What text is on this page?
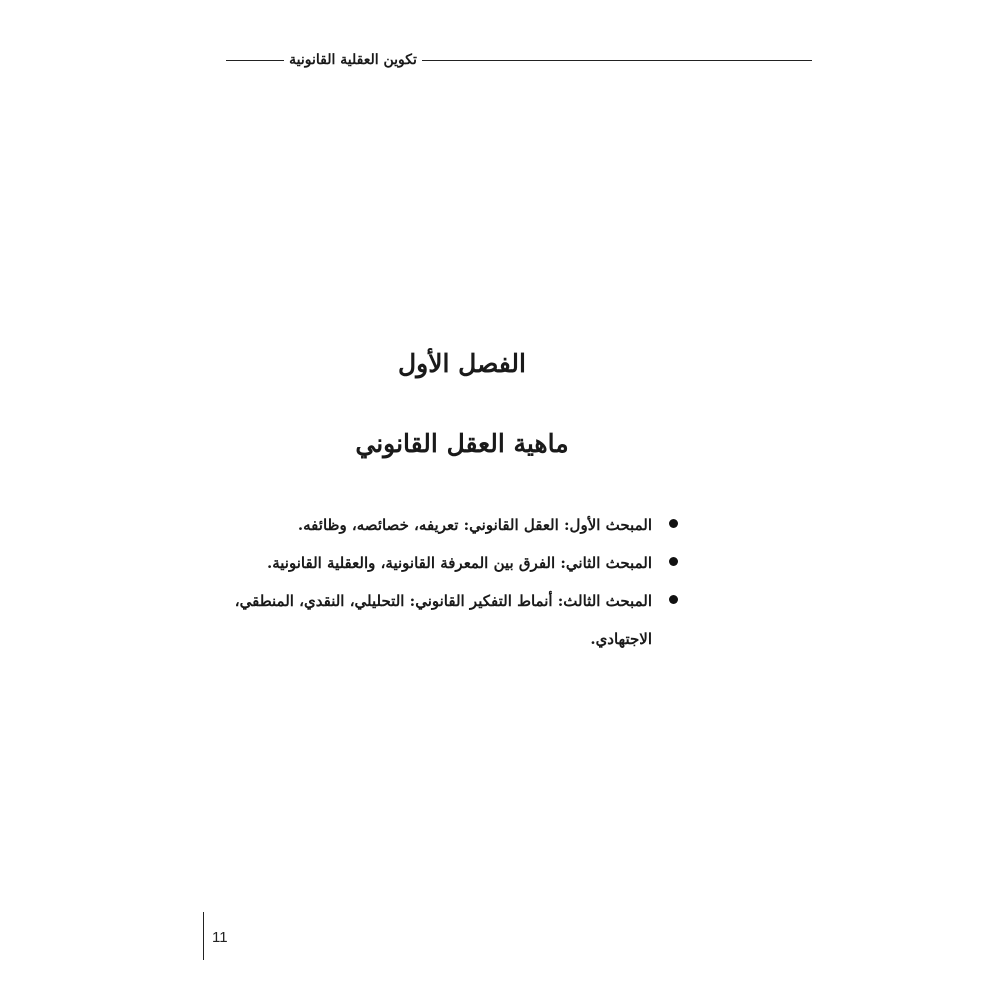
تكوين العقلية القانونية
الفصل الأول
ماهية العقل القانوني
المبحث الأول: العقل القانوني: تعريفه، خصائصه، وظائفه.
المبحث الثاني: الفرق بين المعرفة القانونية، والعقلية القانونية.
المبحث الثالث: أنماط التفكير القانوني: التحليلي، النقدي، المنطقي، الاجتهادي.
11
